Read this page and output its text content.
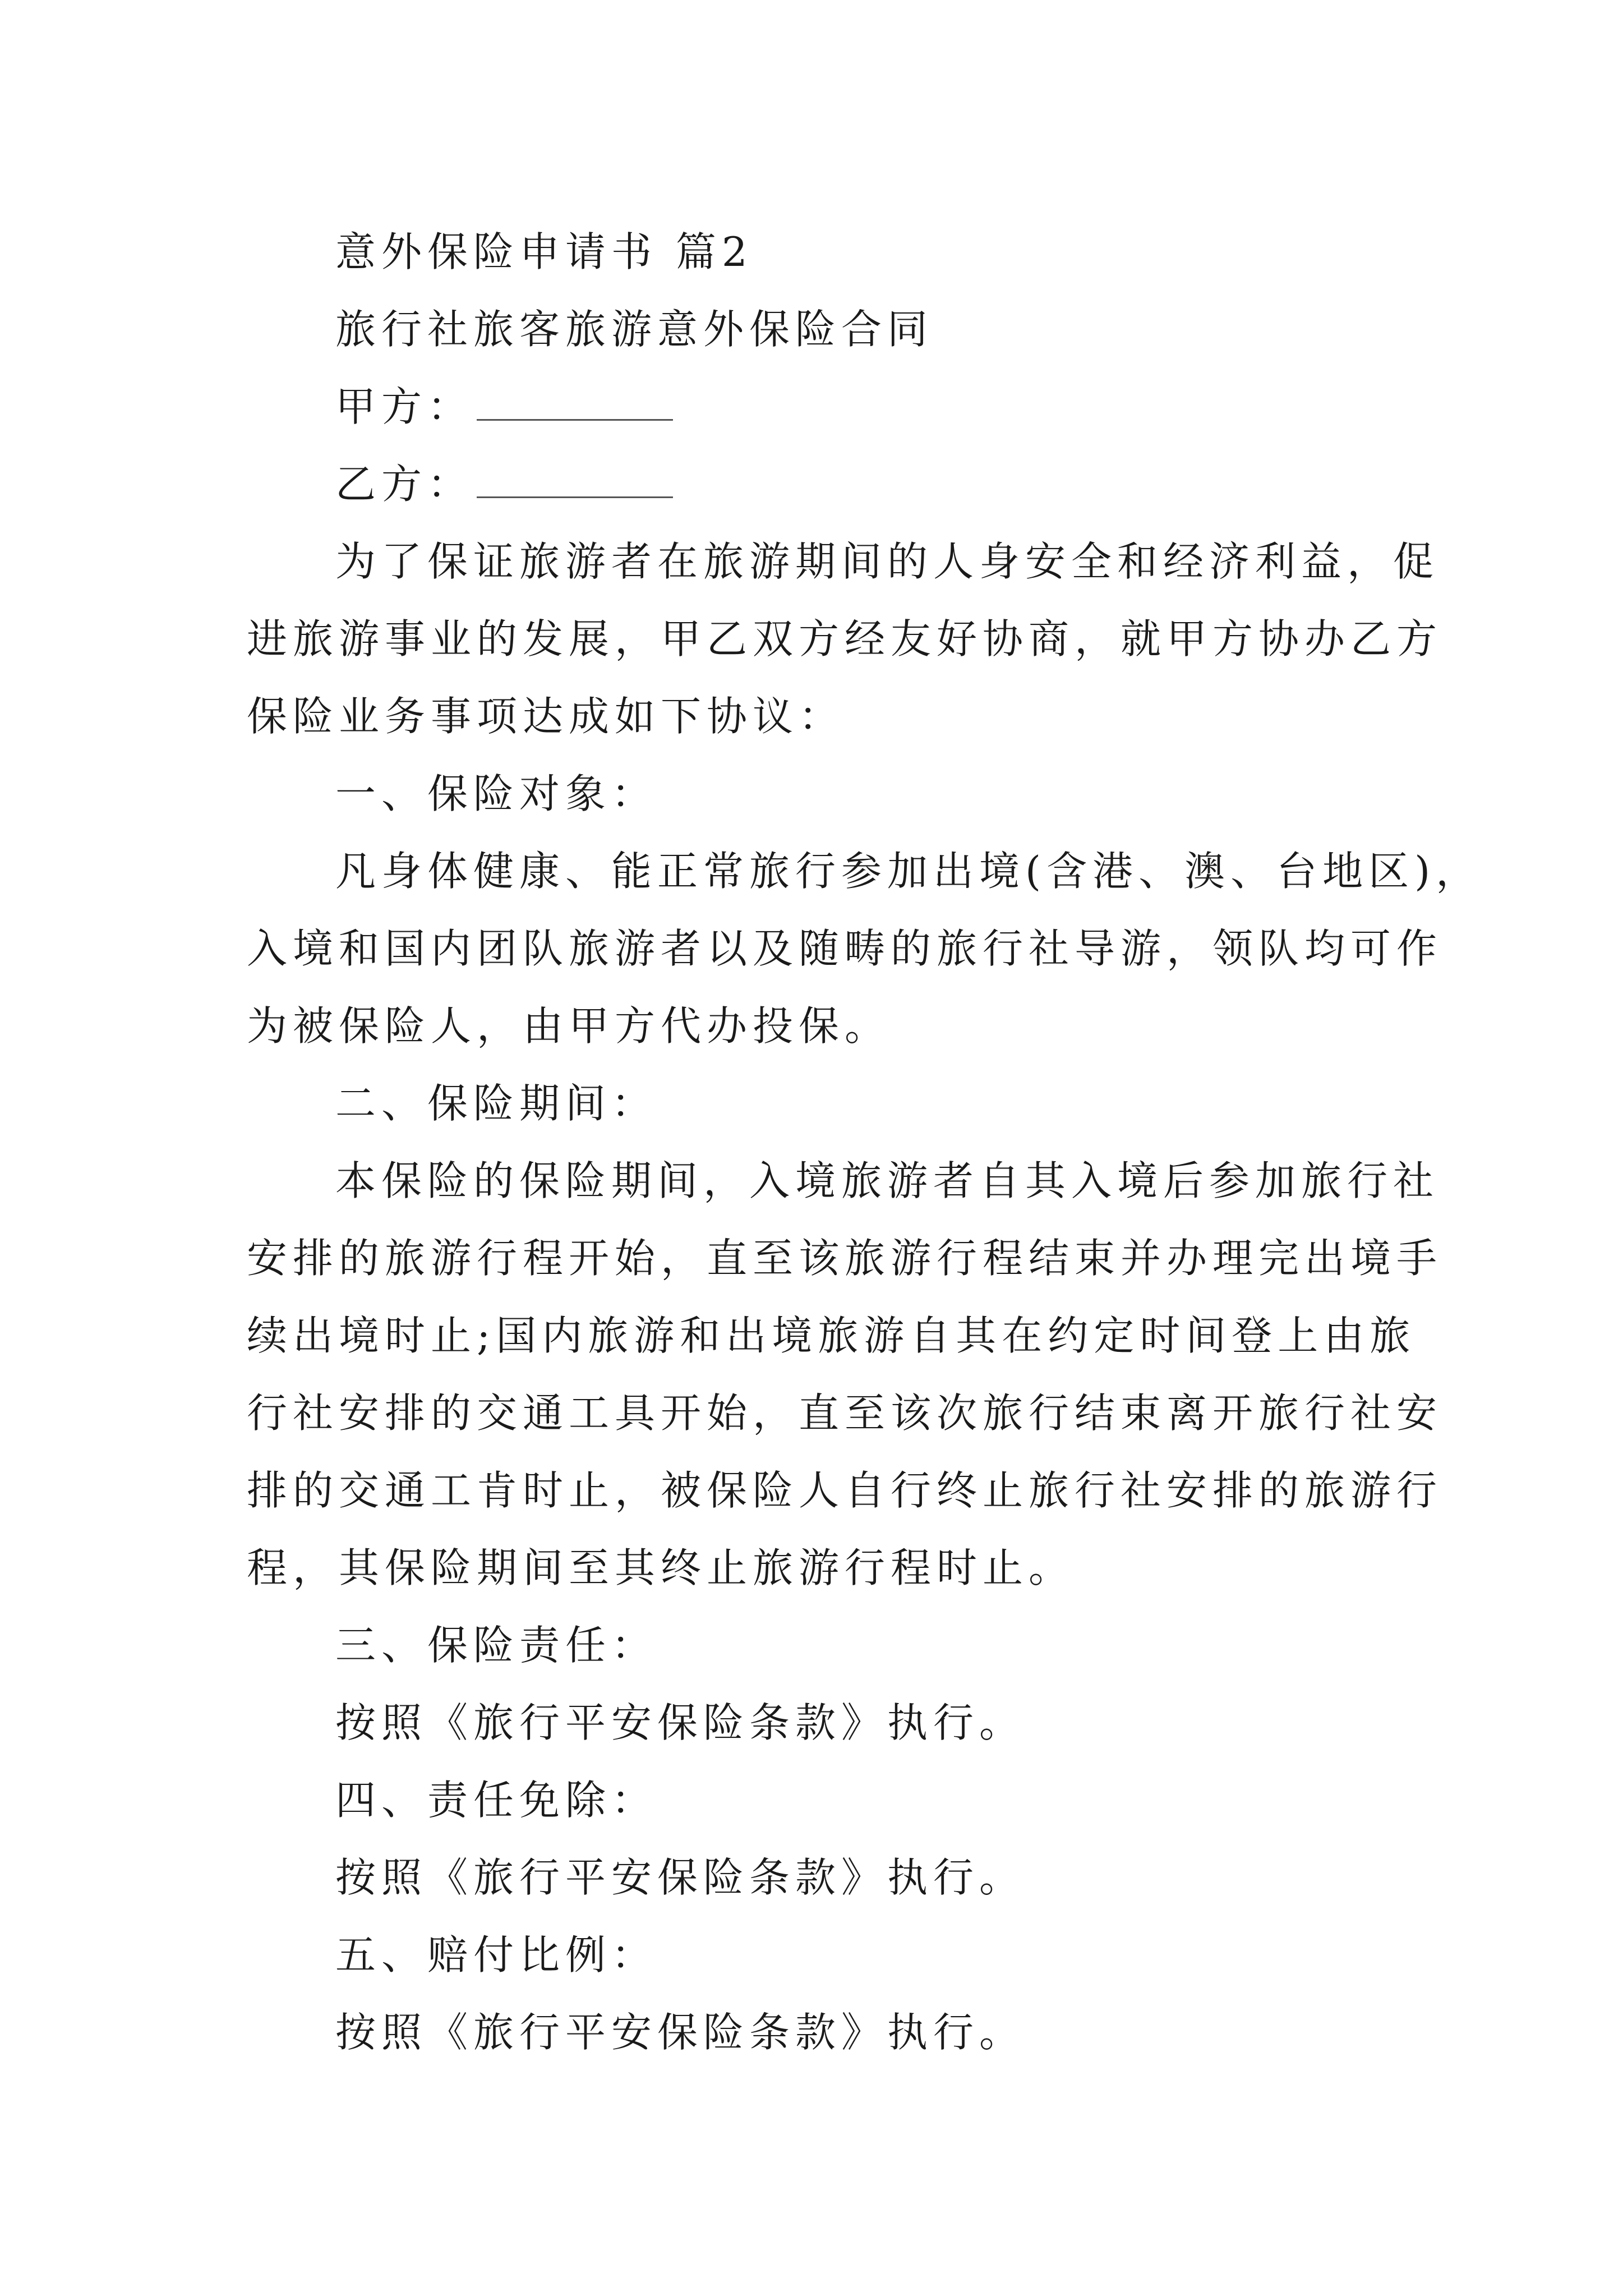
意外保险申请书 篇2

旅行社旅客旅游意外保险合同

甲方：

乙方：

为了保证旅游者在旅游期间的人身安全和经济利益，促

进旅游事业的发展，甲乙双方经友好协商，就甲方协办乙方

保险业务事项达成如下协议：

一、保险对象：

凡身体健康、能正常旅行参加出境(含港、澳、台地区)，

入境和国内团队旅游者以及随畴的旅行社导游，领队均可作

为被保险人，由甲方代办投保。

二、保险期间：

本保险的保险期间，入境旅游者自其入境后参加旅行社

安排的旅游行程开始，直至该旅游行程结束并办理完出境手

续出境时止;国内旅游和出境旅游自其在约定时间登上由旅

行社安排的交通工具开始，直至该次旅行结束离开旅行社安

排的交通工肯时止，被保险人自行终止旅行社安排的旅游行

程，其保险期间至其终止旅游行程时止。

三、保险责任：

按照《旅行平安保险条款》执行。

四、责任免除：

按照《旅行平安保险条款》执行。

五、赔付比例：

按照《旅行平安保险条款》执行。
